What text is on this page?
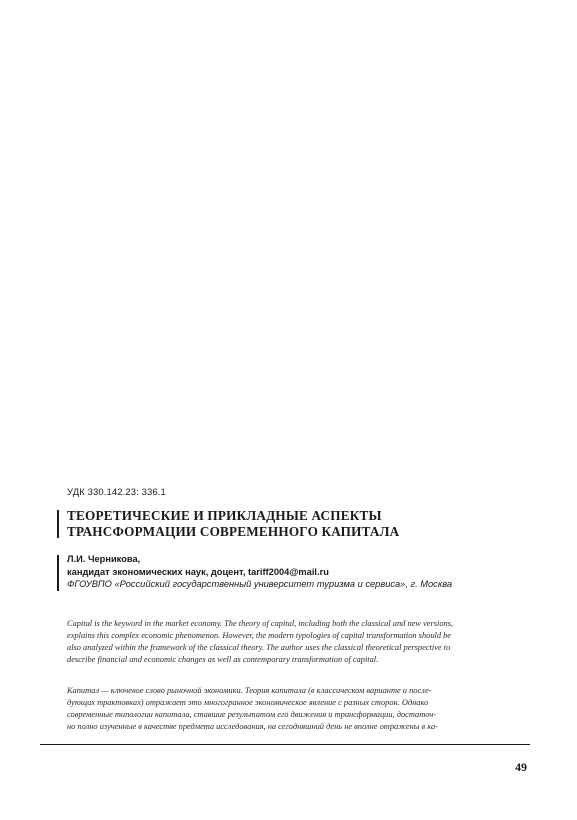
УДК 330.142.23: 336.1
ТЕОРЕТИЧЕСКИЕ И ПРИКЛАДНЫЕ АСПЕКТЫ
ТРАНСФОРМАЦИИ СОВРЕМЕННОГО КАПИТАЛА
Л.И. Черникова,
кандидат экономических наук, доцент, tariff2004@mail.ru
ФГОУВПО «Российский государственный университет туризма и сервиса», г. Москва
Capital is the keyword in the market economy. The theory of capital, including both the classical and new versions,
explains this complex economic phenomenon. However, the modern typologies of capital transformation should be
also analyzed within the framework of the classical theory. The author uses the classical theoretical perspective to
describe financial and economic changes as well as contemporary transformation of capital.
Капитал — ключевое слово рыночной экономики. Теория капитала (в классическом варианте и после-
дующих трактовках) отражает это многогранное экономическое явление с разных сторон. Однако
современные типологии капитала, ставшие результатом его движения и трансформации, достаточ-
но полно изученные в качестве предмета исследования, на сегодняшний день не вполне отражены в ка-
49
